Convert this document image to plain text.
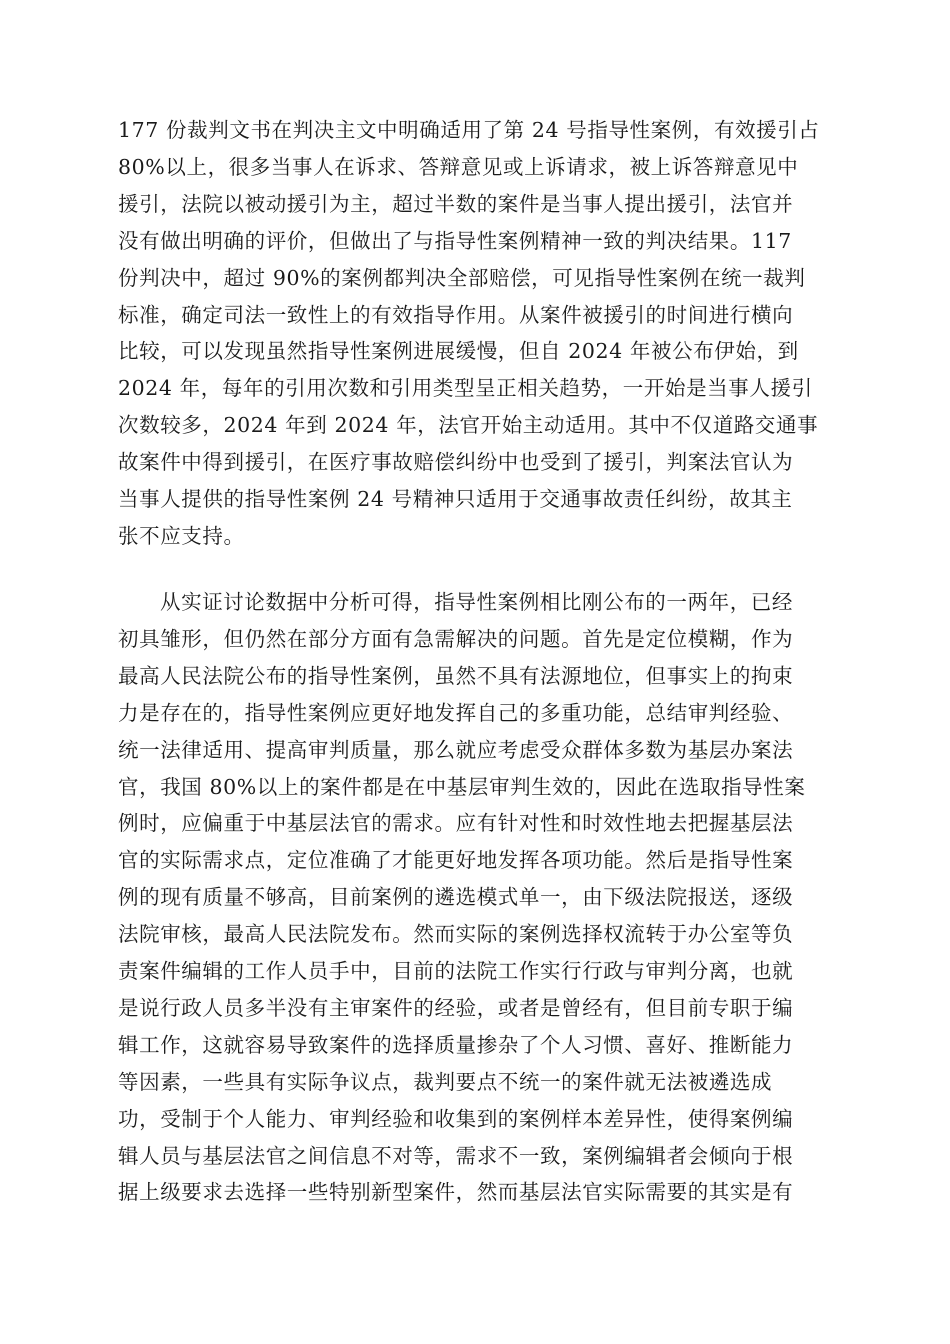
177 份裁判文书在判决主文中明确适用了第 24 号指导性案例，有效援引占
80%以上，很多当事人在诉求、答辩意见或上诉请求，被上诉答辩意见中
援引，法院以被动援引为主，超过半数的案件是当事人提出援引，法官并
没有做出明确的评价，但做出了与指导性案例精神一致的判决结果。117
份判决中，超过 90%的案例都判决全部赔偿，可见指导性案例在统一裁判
标准，确定司法一致性上的有效指导作用。从案件被援引的时间进行横向
比较，可以发现虽然指导性案例进展缓慢，但自 2024 年被公布伊始，到
2024 年，每年的引用次数和引用类型呈正相关趋势，一开始是当事人援引
次数较多，2024 年到 2024 年，法官开始主动适用。其中不仅道路交通事
故案件中得到援引，在医疗事故赔偿纠纷中也受到了援引，判案法官认为
当事人提供的指导性案例 24 号精神只适用于交通事故责任纠纷，故其主
张不应支持。
从实证讨论数据中分析可得，指导性案例相比刚公布的一两年，已经
初具雏形，但仍然在部分方面有急需解决的问题。首先是定位模糊，作为
最高人民法院公布的指导性案例，虽然不具有法源地位，但事实上的拘束
力是存在的，指导性案例应更好地发挥自己的多重功能，总结审判经验、
统一法律适用、提高审判质量，那么就应考虑受众群体多数为基层办案法
官，我国 80%以上的案件都是在中基层审判生效的，因此在选取指导性案
例时，应偏重于中基层法官的需求。应有针对性和时效性地去把握基层法
官的实际需求点，定位准确了才能更好地发挥各项功能。然后是指导性案
例的现有质量不够高，目前案例的遴选模式单一，由下级法院报送，逐级
法院审核，最高人民法院发布。然而实际的案例选择权流转于办公室等负
责案件编辑的工作人员手中，目前的法院工作实行行政与审判分离，也就
是说行政人员多半没有主审案件的经验，或者是曾经有，但目前专职于编
辑工作，这就容易导致案件的选择质量掺杂了个人习惯、喜好、推断能力
等因素，一些具有实际争议点，裁判要点不统一的案件就无法被遴选成
功，受制于个人能力、审判经验和收集到的案例样本差异性，使得案例编
辑人员与基层法官之间信息不对等，需求不一致，案例编辑者会倾向于根
据上级要求去选择一些特别新型案件，然而基层法官实际需要的其实是有
